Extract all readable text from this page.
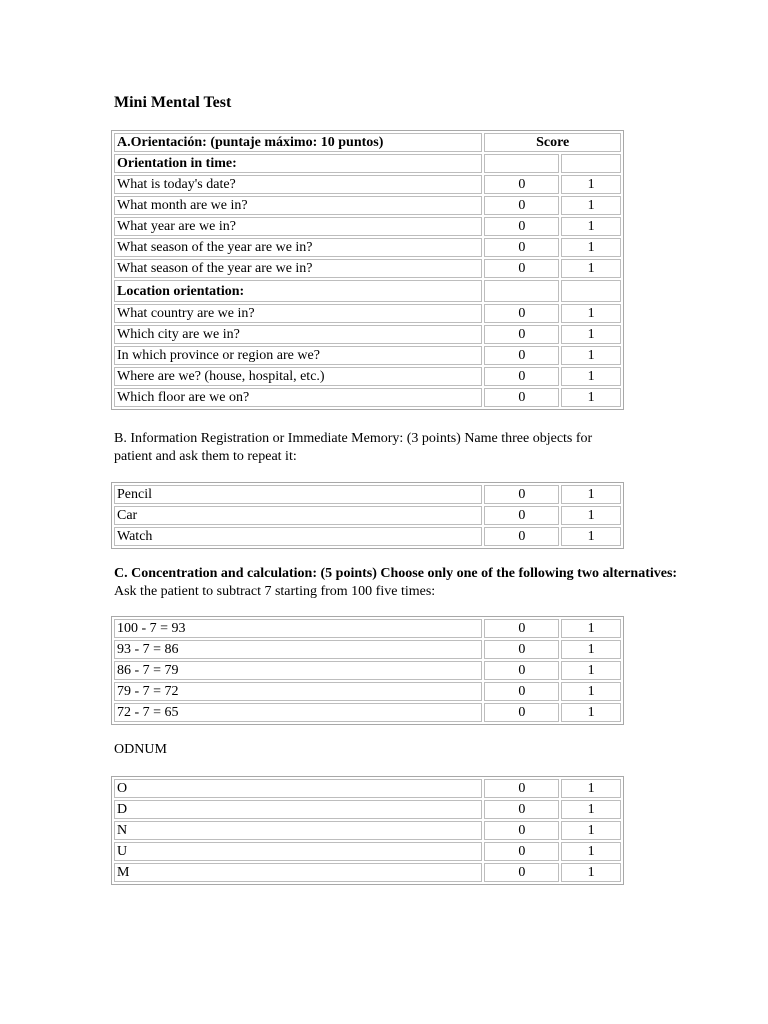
Mini Mental Test
A.Orientación: (puntaje máximo: 10 puntos)	Score	
Orientation in time:		
What is today's date?	0	1
What month are we in?	0	1
What year are we in?	0	1
What season of the year are we in?	0	1
What season of the year are we in?	0	1
Location orientation:		
What country are we in?	0	1
Which city are we in?	0	1
In which province or region are we?	0	1
Where are we? (house, hospital, etc.)	0	1
Which floor are we on?	0	1

B. Information Registration or Immediate Memory: (3 points) Name three objects for
patient and ask them to repeat it:

Pencil	0	1
Car	0	1
Watch	0	1

C. Concentration and calculation: (5 points) Choose only one of the following two alternatives:
Ask the patient to subtract 7 starting from 100 five times:

100 - 7 = 93	0	1
93 - 7 = 86	0	1
86 - 7 = 79	0	1
79 - 7 = 72	0	1
72 - 7 = 65	0	1

ODNUM

O	0	1
D	0	1
N	0	1
U	0	1
M	0	1
